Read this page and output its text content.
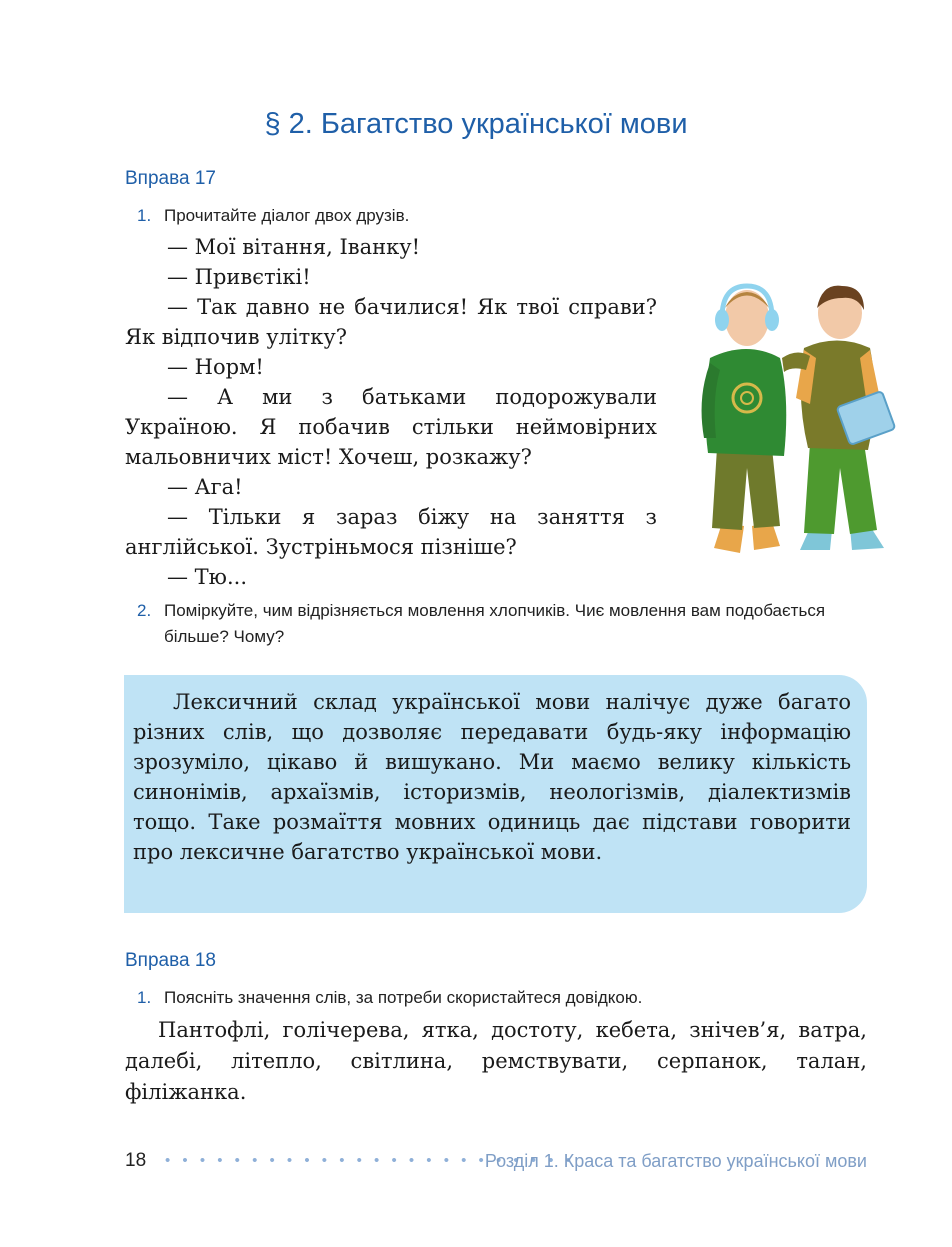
§ 2. Багатство української мови
Вправа 17
1. Прочитайте діалог двох друзів.

— Мої вітання, Іванку!

— Привєтікі!

— Так давно не бачилися! Як твої справи? Як відпочив улітку?

— Норм!

— А ми з батьками подорожували Україною. Я побачив стільки неймовірних мальовничих міст! Хочеш, розкажу?

— Ага!

— Тільки я зараз біжу на заняття з англійської. Зустріньмося пізніше?

— Тю...

2. Поміркуйте, чим відрізняється мовлення хлопчиків. Чиє мовлення вам подобається більше? Чому?

Лексичний склад української мови налічує дуже багато різних слів, що дозволяє передавати будь-яку інформацію зрозуміло, цікаво й вишукано. Ми маємо велику кількість синонімів, архаїзмів, історизмів, неологізмів, діалектизмів тощо. Таке розмаїття мовних одиниць дає підстави говорити про лексичне багатство української мови.

Вправа 18
1. Поясніть значення слів, за потреби скористайтеся довідкою.

Пантофлі, голічерева, ятка, достоту, кебета, знічев’я, ватра, далебі, літепло, світлина, ремствувати, серпанок, талан, філіжанка.

18 • • • • • • • • • • • • • • • • • • • • • • • •
Розділ 1. Краса та багатство української мови
